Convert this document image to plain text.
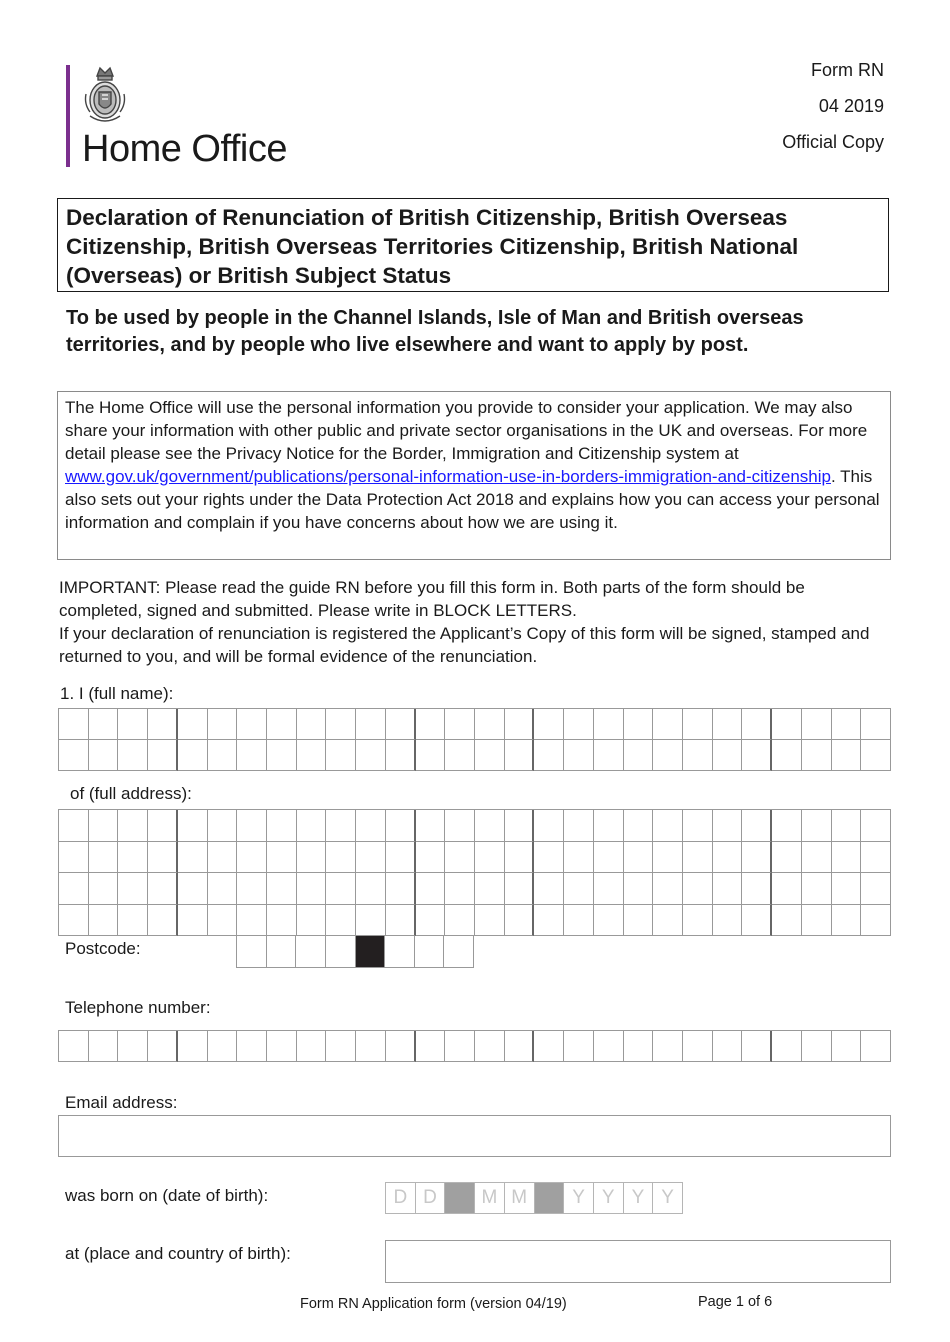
Home Office
Form RN
04 2019
Official Copy
Declaration of Renunciation of British Citizenship, British Overseas Citizenship, British Overseas Territories Citizenship, British National (Overseas) or British Subject Status
To be used by people in the Channel Islands, Isle of Man and British overseas territories, and by people who live elsewhere and want to apply by post.
The Home Office will use the personal information you provide to consider your application. We may also share your information with other public and private sector organisations in the UK and overseas. For more detail please see the Privacy Notice for the Border, Immigration and Citizenship system at www.gov.uk/government/publications/personal-information-use-in-borders-immigration-and-citizenship. This also sets out your rights under the Data Protection Act 2018 and explains how you can access your personal information and complain if you have concerns about how we are using it.
IMPORTANT: Please read the guide RN before you fill this form in. Both parts of the form should be completed, signed and submitted. Please write in BLOCK LETTERS.
If your declaration of renunciation is registered the Applicant’s Copy of this form will be signed, stamped and returned to you, and will be formal evidence of the renunciation.
1. I (full name):
of (full address):
Postcode:
Telephone number:
Email address:
was born on (date of birth):	D D	M M	Y Y Y Y
at (place and country of birth):
Form RN Application form (version 04/19)	Page 1 of 6
